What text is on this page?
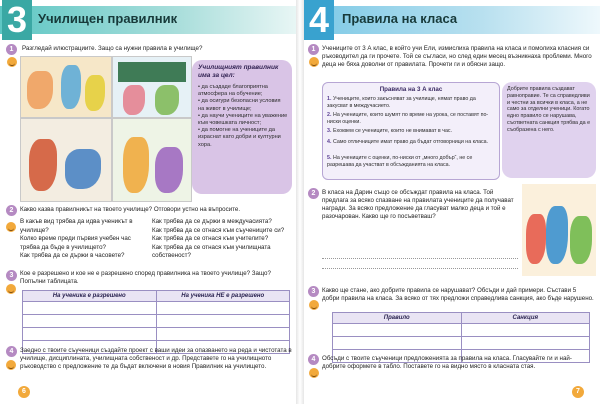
3 Училищен правилник
1	Разгледай илюстрациите. Защо са нужни правила в училище?
Училищният правилник има за цел:
• да създаде благоприятна атмосфера на обучение;
• да осигури безопасни условия на живот в училище;
• да научи учениците на уважение към човешката личност;
• да помогне на учениците да израснат като добри и културни хора.
2	Какво казва правилникът на твоето училище? Отговори устно на въпросите.
В какъв вид трябва да идва ученикът в училище?
Колко време преди първия учебен час трябва да бъде в училището?
Как трябва да се държи в часовете?
Как трябва да се държи в междучасията?
Как трябва да се отнася към съучениците си?
Как трябва да се отнася към учителите?
Как трябва да се отнася към училищната собственост?
3	Кое е разрешено и кое не е разрешено според правилника на твоето училище? Защо? Попълни таблицата.
На ученика е разрешено	На ученика НЕ е разрешено

4	Заедно с твоите съученици създайте проект с ваши идеи за опазването на реда и чистотата в училище, дисциплината, училищната собственост и др. Представете го на училищното ръководство с предложение те да бъдат включени в новия Правилник на училището.
6
4 Правила на класа
1	Учениците от 3 А клас, в който учи Ели, измислиха правила на класа и помолиха класния си ръководител да ги прочете. Той се съгласи, но след един месец възникнаха проблеми. Много деца не бяха доволни от правилата. Прочети ги и обясни защо.
Правила на 3 А клас
1. Учениците, които закъсняват за училище, нямат право да закусват в междучасието.
2. На учениците, които шумят по време на урока, се поставят по-ниски оценки.
3. Ехоквем се учениците, които не внимават в час.
4. Само отличниците имат право да бъдат отговорници на класа.
5. На учениците с оценки, по-ниски от „много добър“, не се разрешава да участват в обсъжданията на класа.
Добрите правила създават равноправие. Те са справедливи и честни за всички в класа, а не само за отделни ученици. Когато едно правило се нарушава, съответната санкция трябва да е съобразена с него.
2	В класа на Дарин също се обсъждат правила на класа. Той предлага за всяко спазване на правилата учениците да получават награди. За всяко предложение да гласуват малко деца и той е разочарован. Какво ще го посъветваш?
3	Какво ще стане, ако добрите правила се нарушават? Обсъди и дай примери. Състави 5 добри правила на класа. За всяко от тях предложи справедлива санкция, ако бъде нарушено.
Правило	Санкция

4	Обсъди с твоите съученици предложенията за правила на класа. Гласувайте ги и най-добрите оформете в табло. Поставете го на видно място в класната стая.
7
